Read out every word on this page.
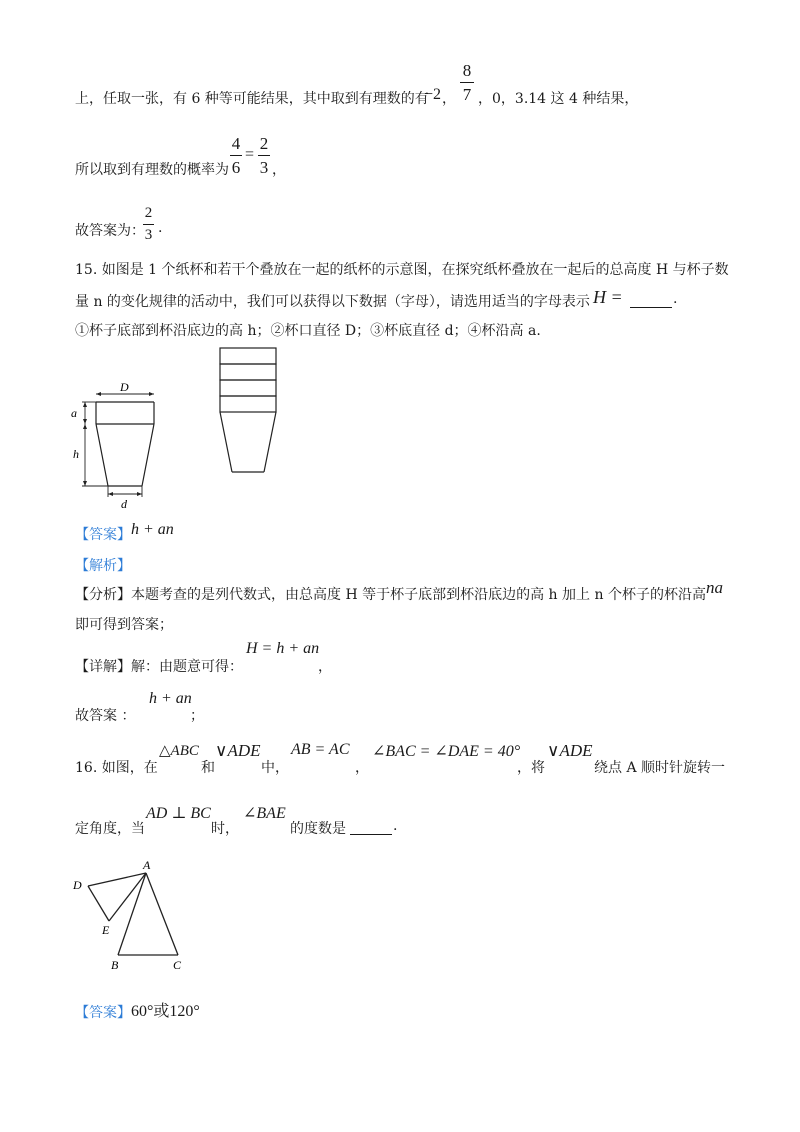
上，任取一张，有 6 种等可能结果，其中取到有理数的有
−2 ，
8
7 ，0，3.14 这 4 种结果，
所以取到有理数的概率为
4
6
=
2
3 ，
故答案为：
2
3 .
15. 如图是 1 个纸杯和若干个叠放在一起的纸杯的示意图，在探究纸杯叠放在一起后的总高度 H 与杯子数
量 n 的变化规律的活动中，我们可以获得以下数据（字母），请选用适当的字母表示 H =	.
①杯子底部到杯沿底边的高 h；②杯口直径 D；③杯底直径 d；④杯沿高 a.
D
a
h
d
【答案】 h + an
【解析】
【分析】 本题考查的是列代数式，由总高度 H 等于杯子底部到杯沿底边的高 h 加上 n 个杯子的杯沿高 na
即可得到答案；
【详解】 解：由题意可得：
H = h + an
，
故答案 ：
h + an
；
16. 如图，在
△ABC
和
∨ADE
中，
AB = AC
，
∠BAC = ∠DAE = 40°
，将
∨ADE
绕点 A 顺时针旋转一
定角度，当
AD ⊥ BC
时，
∠BAE
的度数是	.
A
D
E
B	C
【答案】 60°或120°
